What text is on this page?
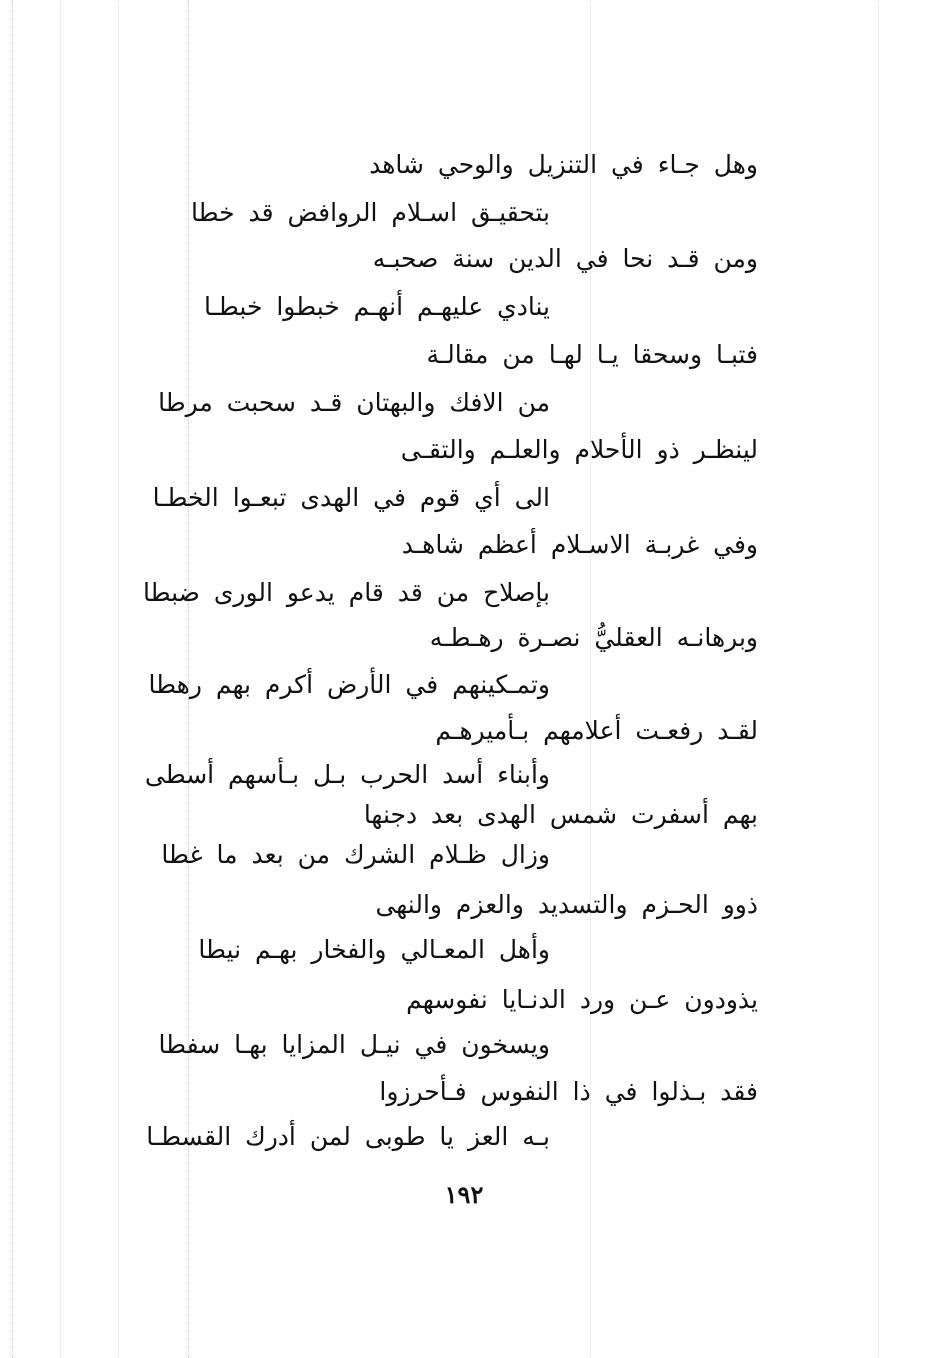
وهل جـاء في التنزيل والوحي شاهد
بتحقيـق اسـلام الروافض قد خطا
ومن قـد نحا في الدين سنة صحبـه
ينادي عليهـم أنهـم خبطوا خبطـا
فتبـا وسحقا يـا لهـا من مقالـة
من الافك والبهتان قـد سحبت مرطا
لينظـر ذو الأحلام والعلـم والتقـى
الى أي قوم في الهدى تبعـوا الخطـا
وفي غربـة الاسـلام أعظم شاهـد
بإصلاح من قد قام يدعو الورى ضبطا
وبرهانـه العقليُّ نصـرة رهـطـه
وتمـكينهم في الأرض أكرم بهم رهطا
لقـد رفعـت أعلامهم بـأميرهـم
وأبناء أسد الحرب بـل بـأسهم أسطى
بهم أسفرت شمس الهدى بعد دجنها
وزال ظـلام الشرك من بعد ما غطا
ذوو الحـزم والتسديد والعزم والنهى
وأهل المعـالي والفخار بهـم نيطا
يذودون عـن ورد الدنـايا نفوسهم
ويسخون في نيـل المزايا بهـا سفطا
فقد بـذلوا في ذا النفوس فـأحرزوا
بـه العز يا طوبى لمن أدرك القسطـا
١٩٢
